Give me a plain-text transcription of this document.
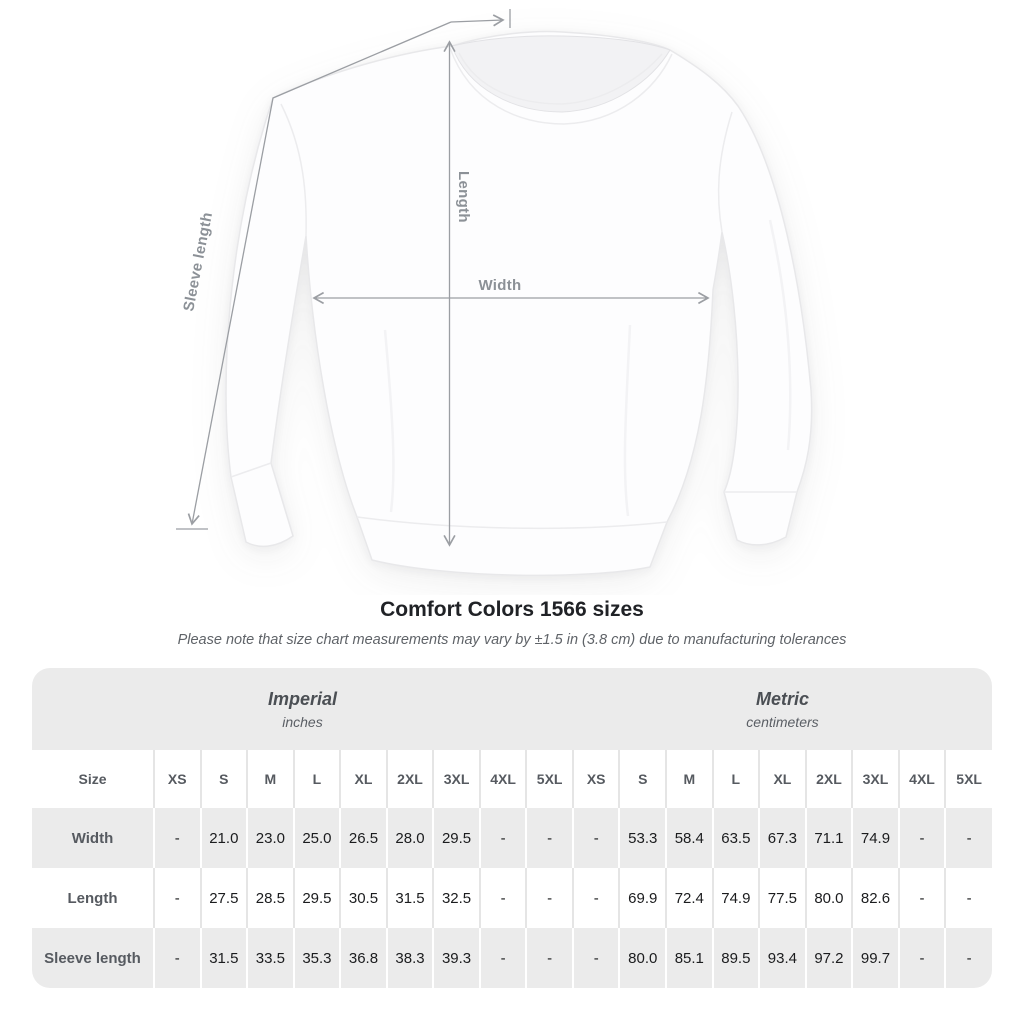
Sleeve length
Length
Width
Comfort Colors 1566 sizes

Please note that size chart measurements may vary by ±1.5 in (3.8 cm) due to manufacturing tolerances

Imperial
inches

Metric
centimeters

Size	XS	S	M	L	XL	2XL	3XL	4XL	5XL	XS	S	M	L	XL	2XL	3XL	4XL	5XL
Width	-	21.0	23.0	25.0	26.5	28.0	29.5	-	-	-	53.3	58.4	63.5	67.3	71.1	74.9	-	-
Length	-	27.5	28.5	29.5	30.5	31.5	32.5	-	-	-	69.9	72.4	74.9	77.5	80.0	82.6	-	-
Sleeve length	-	31.5	33.5	35.3	36.8	38.3	39.3	-	-	-	80.0	85.1	89.5	93.4	97.2	99.7	-	-
